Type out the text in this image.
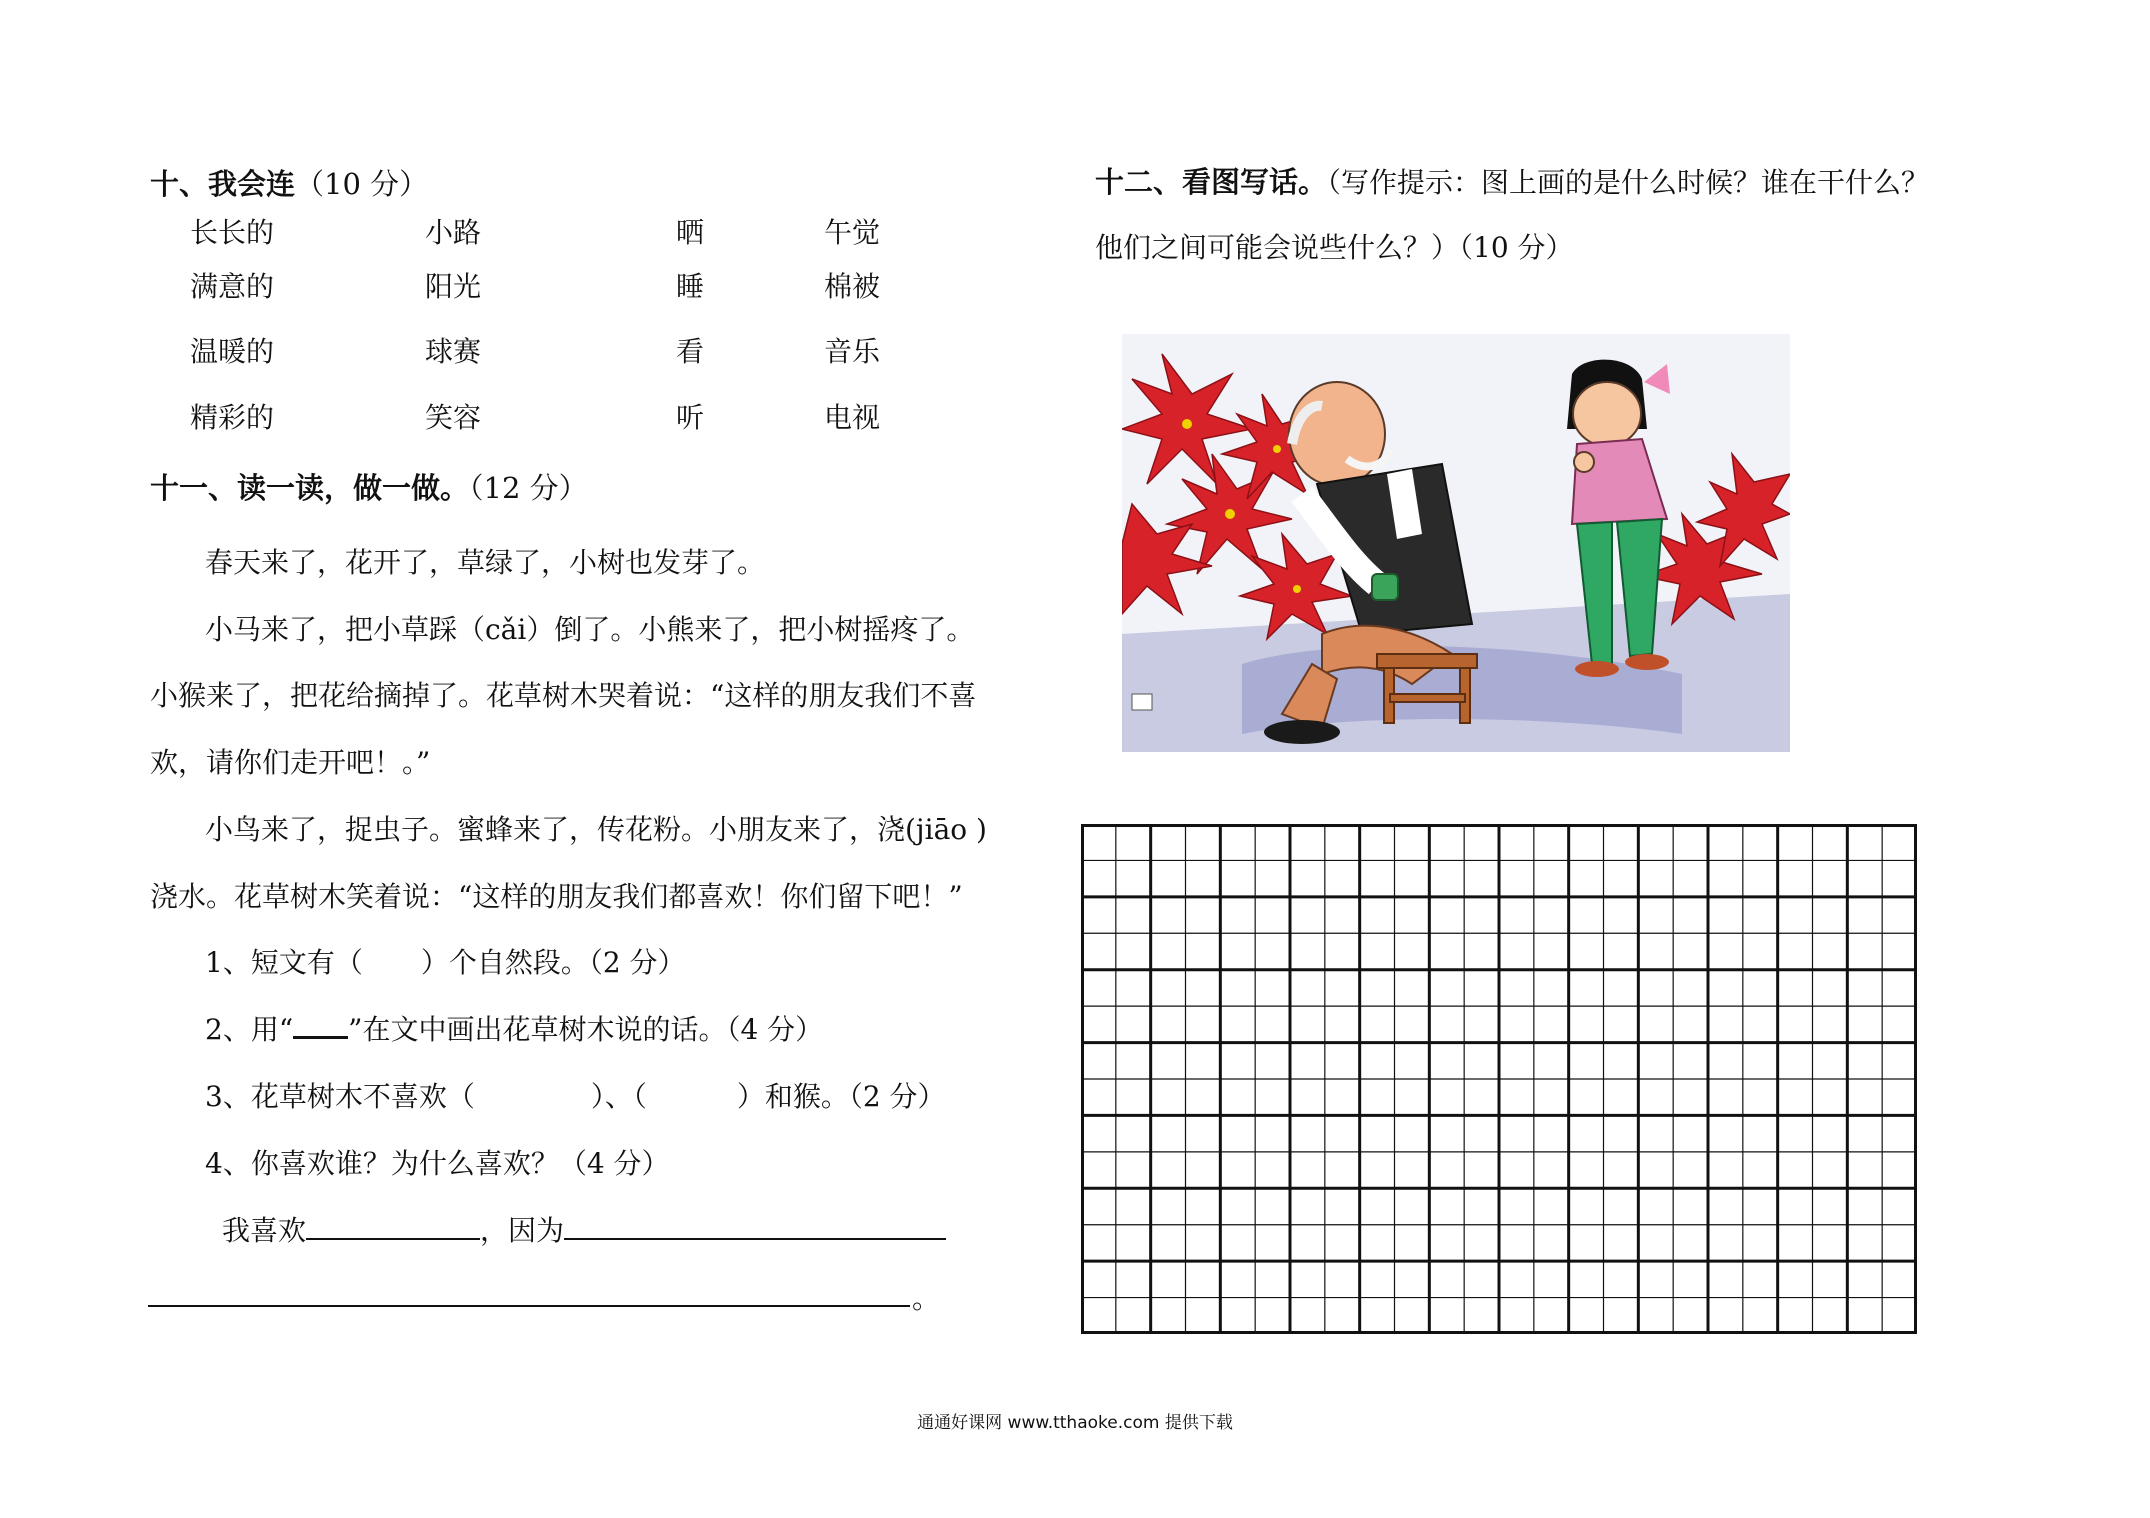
十、我会连（10 分）
长长的	小路	晒	午觉
满意的	阳光	睡	棉被
温暖的	球赛	看	音乐
精彩的	笑容	听	电视
十一、读一读，做一做。（12 分）
春天来了，花开了，草绿了，小树也发芽了。
小马来了，把小草踩（cǎi）倒了。小熊来了，把小树摇疼了。
小猴来了，把花给摘掉了。花草树木哭着说：“这样的朋友我们不喜
欢，请你们走开吧！。”
小鸟来了，捉虫子。蜜蜂来了，传花粉。小朋友来了，浇(jiāo )
浇水。花草树木笑着说：“这样的朋友我们都喜欢！你们留下吧！”
1、短文有（ ）个自然段。（2 分）
2、用“ ”在文中画出花草树木说的话。（4 分）
3、花草树木不喜欢（	）、（	）和猴。（2 分）
4、你喜欢谁？为什么喜欢？（4 分）
我喜欢	，因为
。
十二、看图写话。（写作提示：图上画的是什么时候？谁在干什么？
他们之间可能会说些什么？）（10 分）
通通好课网 www.tthaoke.com 提供下载
